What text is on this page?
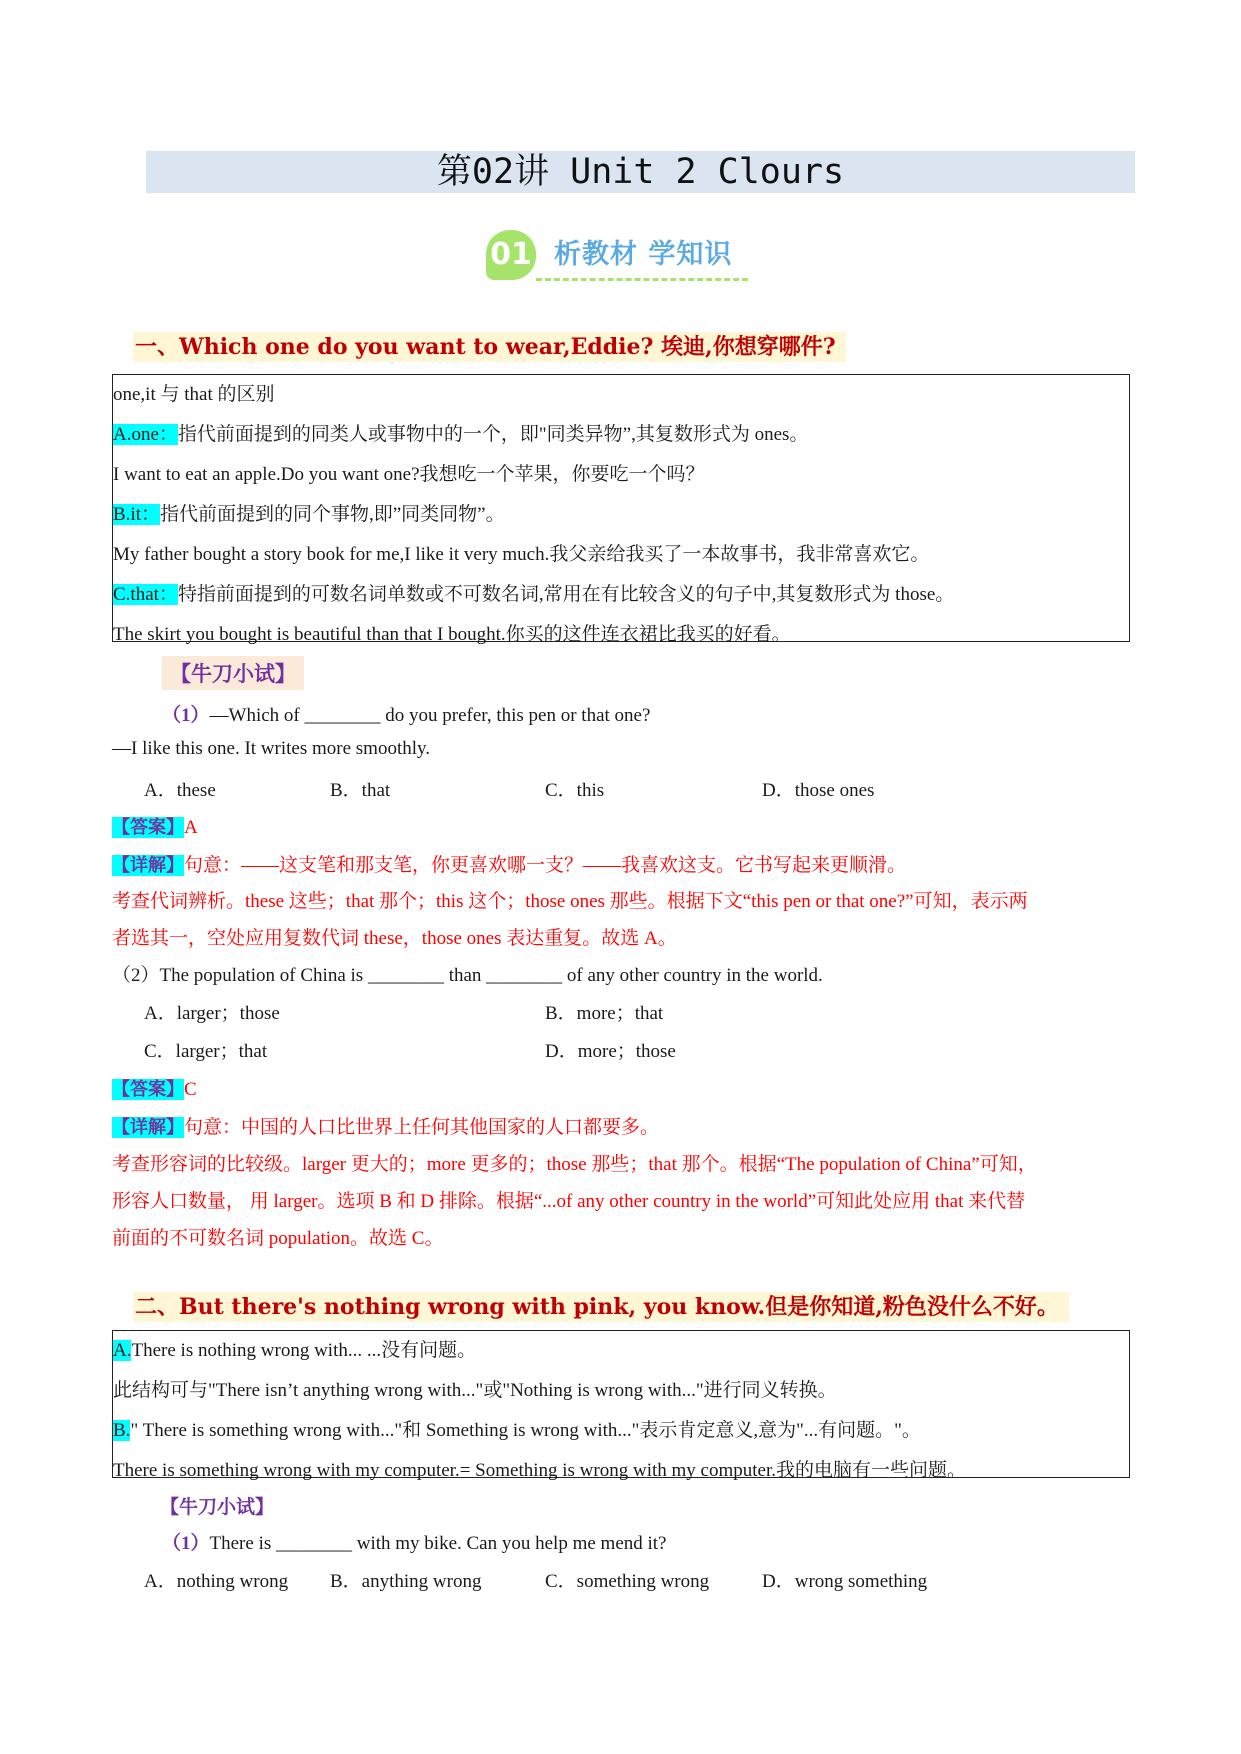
第02讲 Unit 2 Clours
01 析教材 学知识
一、Which one do you want to wear,Eddie? 埃迪,你想穿哪件?
one,it 与 that 的区别
A.one：指代前面提到的同类人或事物中的一个，即"同类异物”,其复数形式为 ones。
I want to eat an apple.Do you want one?我想吃一个苹果，你要吃一个吗？
B.it：指代前面提到的同个事物,即”同类同物”。
My father bought a story book for me,I like it very much.我父亲给我买了一本故事书，我非常喜欢它。
C.that：特指前面提到的可数名词单数或不可数名词,常用在有比较含义的句子中,其复数形式为 those。
The skirt you bought is beautiful than that I bought.你买的这件连衣裙比我买的好看。
【牛刀小试】
（1）—Which of ________ do you prefer, this pen or that one?
—I like this one. It writes more smoothly.
A．these	B．that	C．this	D．those ones
【答案】A
【详解】句意：——这支笔和那支笔，你更喜欢哪一支？——我喜欢这支。它书写起来更顺滑。
考查代词辨析。these 这些；that 那个；this 这个；those ones 那些。根据下文“this pen or that one?”可知，表示两
者选其一，空处应用复数代词 these，those ones 表达重复。故选 A。
（2）The population of China is ________ than ________ of any other country in the world.
A．larger；those	B．more；that
C．larger；that	D．more；those
【答案】C
【详解】句意：中国的人口比世界上任何其他国家的人口都要多。
考查形容词的比较级。larger 更大的；more 更多的；those 那些；that 那个。根据“The population of China”可知，
形容人口数量， 用 larger。选项 B 和 D 排除。根据“...of any other country in the world”可知此处应用 that 来代替
前面的不可数名词 population。故选 C。
二、But there's nothing wrong with pink, you know.但是你知道,粉色没什么不好。
A.There is nothing wrong with... ...没有问题。
此结构可与"There isn’t anything wrong with..."或"Nothing is wrong with..."进行同义转换。
B." There is something wrong with..."和 Something is wrong with..."表示肯定意义,意为"...有问题。"。
There is something wrong with my computer.= Something is wrong with my computer.我的电脑有一些问题。
【牛刀小试】
（1）There is ________ with my bike. Can you help me mend it?
A．nothing wrong B．anything wrong	C．something wrong	D．wrong something
